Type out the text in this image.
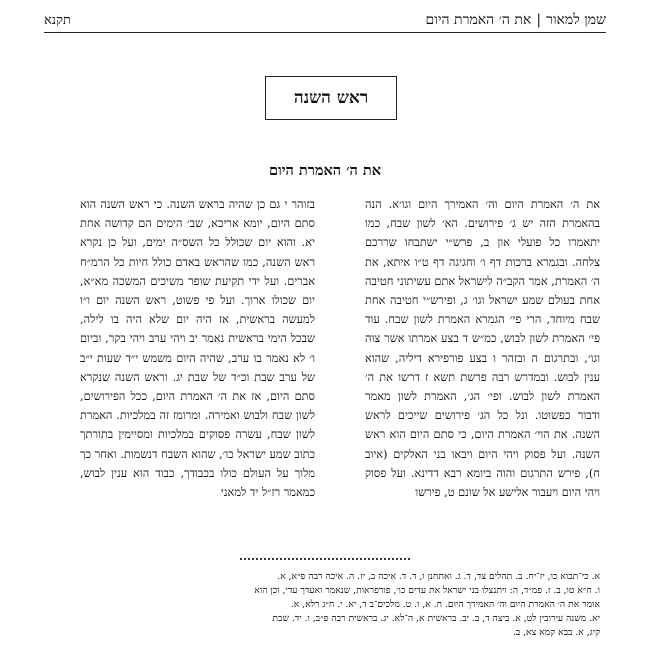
שמן למאור|את ה׳ האמרת היום
תקנא
ראש השנה
את ה׳ האמרת היום

את ה׳ האמרת היום וה׳ האמירך היום וגו׳א. הנה בהאמרת הזה יש ג׳ פירושים. הא׳ לשון שבח, כמו יתאמרו כל פועלי און ב, פרש״י ישתבחו שררכם צלחה. ובגמרא ברכות דף ו׳ וחגיגה דף ט״ו איתא, את ה׳ האמרת, אמר הקב״ה לישראל אתם עשיתוני חטיבה אחת בעולם שמע ישראל וגו׳ ג, ופירש״י חטיבה אחת שבח מיוחד, הרי פי׳ הגמרא האמרת לשון שבח. עוד פי׳ האמרת לשון לבוש, כמ״ש ד בצע אמרתו אשר צוה וגו׳, ובתרגום ה ובזהר ו בצע פורפירא דיליה, שהוא ענין לבוש. ובמדרש רבה פרשת תשא ז דרשו את ה׳ האמרת לשון לבוש. ופי׳ הג׳, האמרת לשון מאמר ודבור כפשוטו. ונל כל הג׳ פירושים שייכים לראש השנה. את הוי׳ האמרת היום, כי סתם היום הוא ראש השנה. ועל פסוק ויהי היום ויבאו בני האלקים (איוב ח), פירש התרגום והוה ביומא רבא דדינא. ועל פסוק ויהי היום ויעבור אלישע אל שונם ט, פירשו

בזוהר י גם כן שהיה בראש השנה. כי ראש השנה הוא סתם היום, יומא אריכא, שב׳ הימים הם קדושה אחת יא. והוא יום שכולל כל השס״ה ימים, ועל כן נקרא ראש השנה, כמו שהראש באדם כולל חיות כל הרמ״ח אברים. ועל ידי תקיעת שופר משיכים המשכה מא״א, יום שכולו ארוך. ועל פי פשוט, ראש השנה יום ו״ו למעשה בראשית, אז היה יום שלא היה בו לילה, שבכל הימי בראשית נאמר יב ויהי ערב ויהי בקר, וביום ו׳ לא נאמר בו ערב, שהיה היום משמש י״ד שעות י״ב של ערב שבת וכ״ד של שבת יג. וראש השנה שנקרא סתם היום, אז את ה׳ האמרת היום, ככל הפירושים, לשון שבח ולבוש ואמירה. ומרומז זה במלכיות. האמרת לשון שבח, עשרה פסוקים במלכיות ומסיימין בתורתך כתוב שמע ישראל כו׳, שהוא השבח דנשמות. ואחר כך מלוך על העולם כולו בכבודך, כבוד הוא ענין לבוש, כמאמר רז״ל יד למאני

א. כי־תבוא כו, יז־יח. ב. תהלים צד, ד. ג. ואתחנן ו, ד. ד. איכה ב, יז. ה. איכה רבה פ״א, א.

ו. ח״א טו, ב. ז. פמ״ד, ה: ויתנצלו בני ישראל את עדים כו׳, פורפראות, שנאמר ואעדך עדי, וכן הוא

אומר את ה׳ האמרת היום וה׳ האמירך היום. ח. א, ו. ט. מלכים־ב ד, יא. י. ח״ג רלא, א.

יא. משנה עירובין לט, א. ביצה ד, ב. יב. בראשית א, ה־לא. יג. בראשית רבה פ״ב, ו. יד. שבת

קיג, א. בבא קמא צא, ב.
